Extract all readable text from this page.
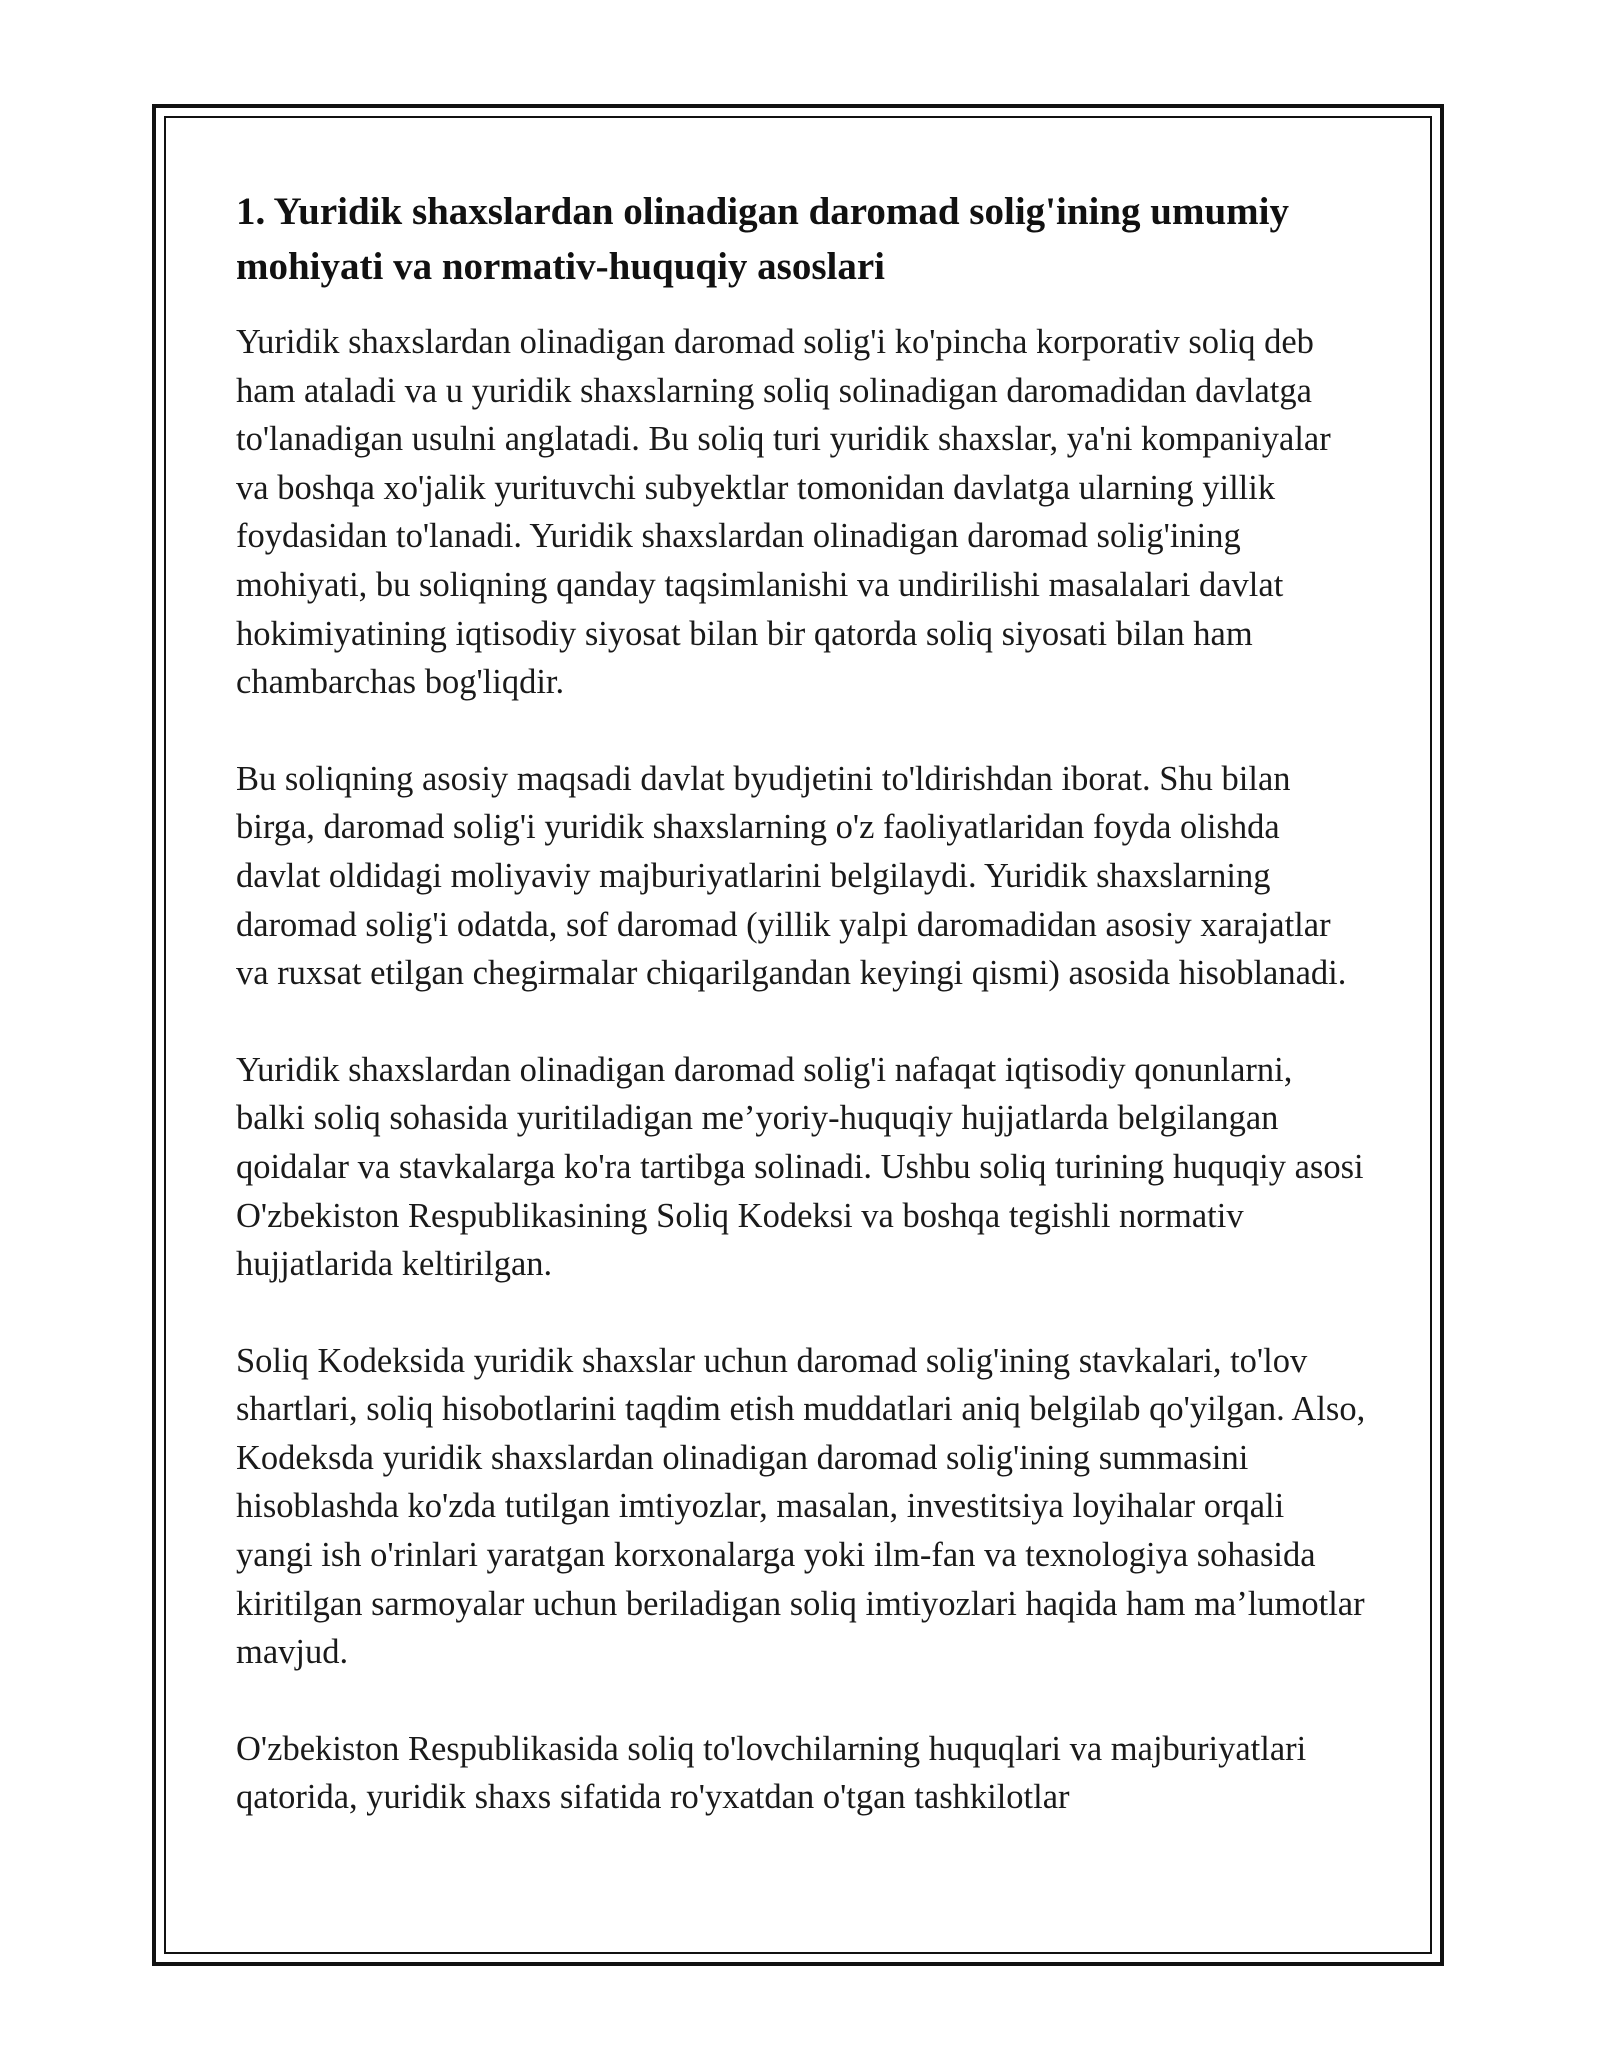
1. Yuridik shaxslardan olinadigan daromad solig'ining umumiy mohiyati va normativ-huquqiy asoslari

Yuridik shaxslardan olinadigan daromad solig'i ko'pincha korporativ soliq deb ham ataladi va u yuridik shaxslarning soliq solinadigan daromadidan davlatga to'lanadigan usulni anglatadi. Bu soliq turi yuridik shaxslar, ya'ni kompaniyalar va boshqa xo'jalik yurituvchi subyektlar tomonidan davlatga ularning yillik foydasidan to'lanadi. Yuridik shaxslardan olinadigan daromad solig'ining mohiyati, bu soliqning qanday taqsimlanishi va undirilishi masalalari davlat hokimiyatining iqtisodiy siyosat bilan bir qatorda soliq siyosati bilan ham chambarchas bog'liqdir.

Bu soliqning asosiy maqsadi davlat byudjetini to'ldirishdan iborat. Shu bilan birga, daromad solig'i yuridik shaxslarning o'z faoliyatlaridan foyda olishda davlat oldidagi moliyaviy majburiyatlarini belgilaydi. Yuridik shaxslarning daromad solig'i odatda, sof daromad (yillik yalpi daromadidan asosiy xarajatlar va ruxsat etilgan chegirmalar chiqarilgandan keyingi qismi) asosida hisoblanadi.

Yuridik shaxslardan olinadigan daromad solig'i nafaqat iqtisodiy qonunlarni, balki soliq sohasida yuritiladigan me’yoriy-huquqiy hujjatlarda belgilangan qoidalar va stavkalarga ko'ra tartibga solinadi. Ushbu soliq turining huquqiy asosi O'zbekiston Respublikasining Soliq Kodeksi va boshqa tegishli normativ hujjatlarida keltirilgan.

Soliq Kodeksida yuridik shaxslar uchun daromad solig'ining stavkalari, to'lov shartlari, soliq hisobotlarini taqdim etish muddatlari aniq belgilab qo'yilgan. Also, Kodeksda yuridik shaxslardan olinadigan daromad solig'ining summasini hisoblashda ko'zda tutilgan imtiyozlar, masalan, investitsiya loyihalar orqali yangi ish o'rinlari yaratgan korxonalarga yoki ilm-fan va texnologiya sohasida kiritilgan sarmoyalar uchun beriladigan soliq imtiyozlari haqida ham ma’lumotlar mavjud.

O'zbekiston Respublikasida soliq to'lovchilarning huquqlari va majburiyatlari qatorida, yuridik shaxs sifatida ro'yxatdan o'tgan tashkilotlar
